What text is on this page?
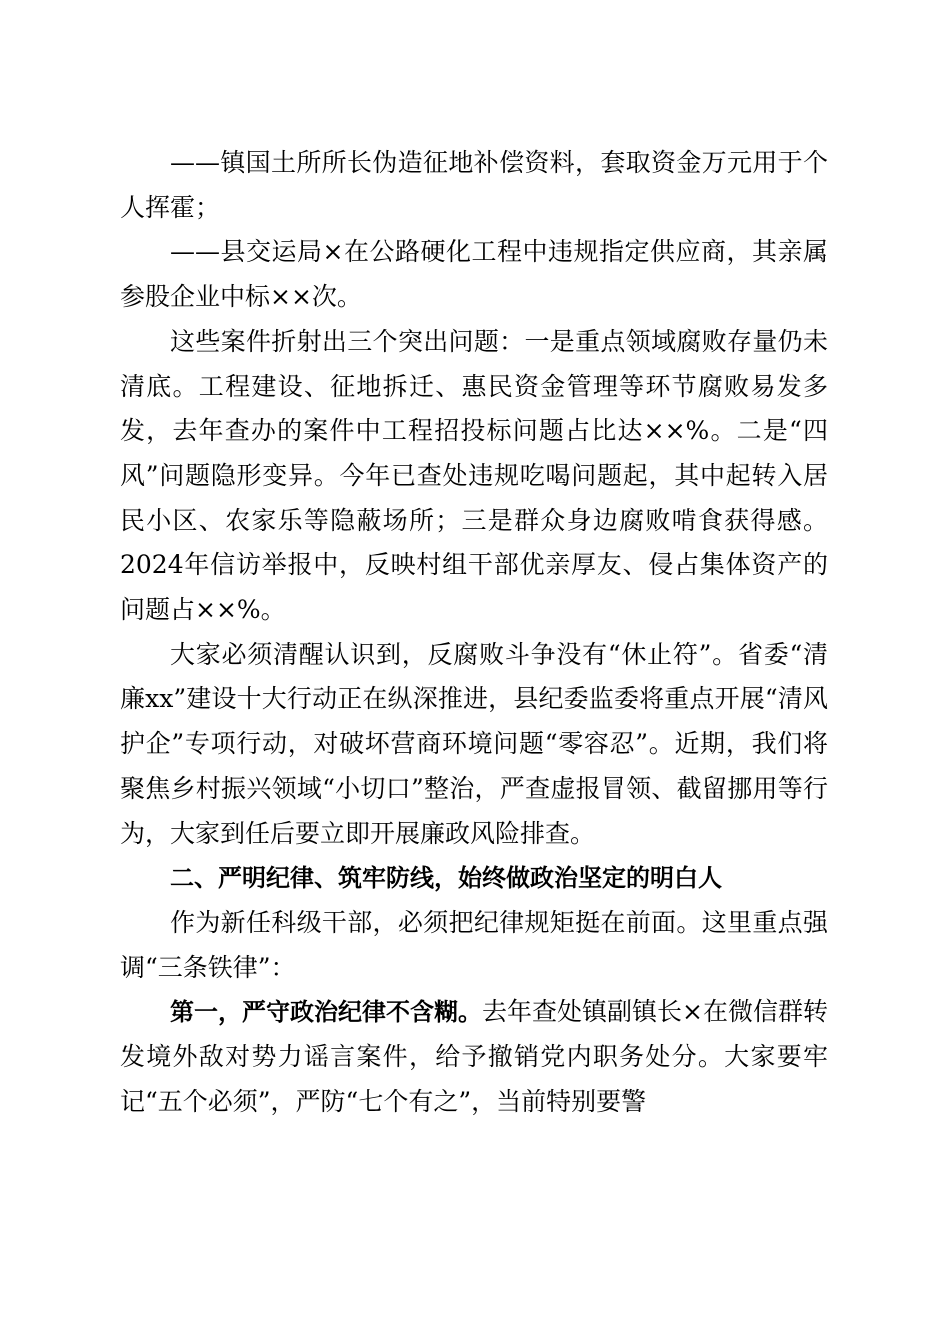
——镇国土所所长伪造征地补偿资料，套取资金万元用于个人挥霍；

——县交运局×在公路硬化工程中违规指定供应商，其亲属参股企业中标××次。

这些案件折射出三个突出问题：一是重点领域腐败存量仍未清底。工程建设、征地拆迁、惠民资金管理等环节腐败易发多发，去年查办的案件中工程招投标问题占比达××%。二是“四风”问题隐形变异。今年已查处违规吃喝问题起，其中起转入居民小区、农家乐等隐蔽场所；三是群众身边腐败啃食获得感。2024年信访举报中，反映村组干部优亲厚友、侵占集体资产的问题占××%。

大家必须清醒认识到，反腐败斗争没有“休止符”。省委“清廉xx”建设十大行动正在纵深推进，县纪委监委将重点开展“清风护企”专项行动，对破坏营商环境问题“零容忍”。近期，我们将聚焦乡村振兴领域“小切口”整治，严查虚报冒领、截留挪用等行为，大家到任后要立即开展廉政风险排查。

二、严明纪律、筑牢防线，始终做政治坚定的明白人

作为新任科级干部，必须把纪律规矩挺在前面。这里重点强调“三条铁律”：

第一，严守政治纪律不含糊。去年查处镇副镇长×在微信群转发境外敌对势力谣言案件，给予撤销党内职务处分。大家要牢记“五个必须”，严防“七个有之”，当前特别要警
